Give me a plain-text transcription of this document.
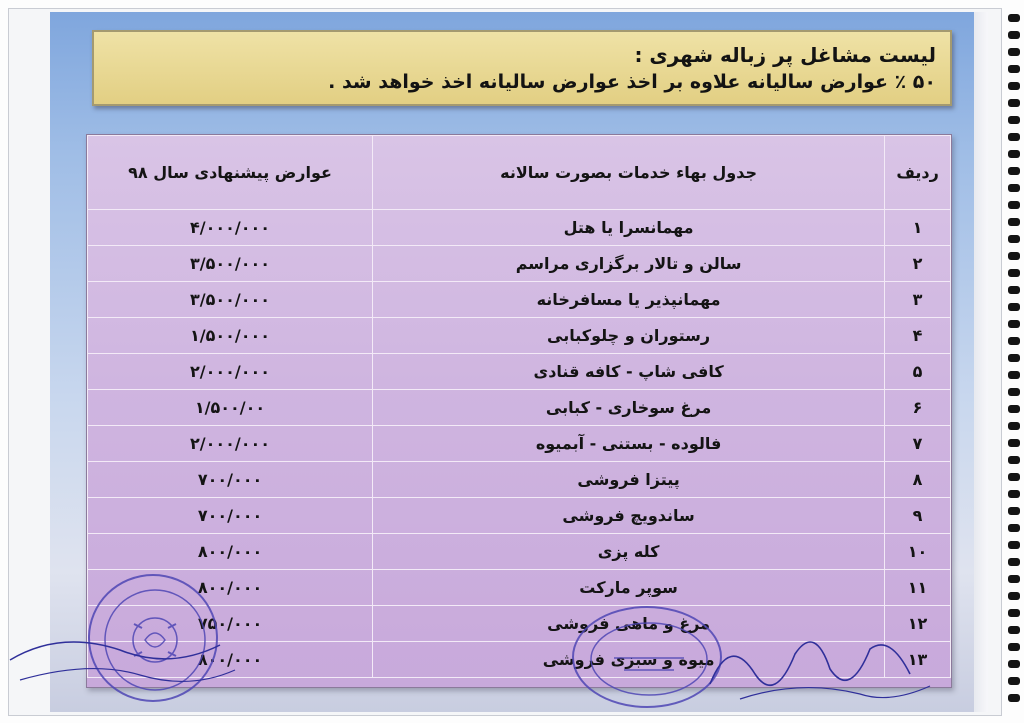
لیست مشاغل پر زباله شهری :
۵۰ ٪ عوارض سالیانه علاوه بر اخذ عوارض سالیانه اخذ خواهد شد .
ردیف	جدول بهاء خدمات بصورت سالانه	عوارض پیشنهادی سال ۹۸
۱	مهمانسرا یا هتل	۴/۰۰۰/۰۰۰
۲	سالن و تالار برگزاری مراسم	۳/۵۰۰/۰۰۰
۳	مهمانپذیر یا مسافرخانه	۳/۵۰۰/۰۰۰
۴	رستوران و چلوکبابی	۱/۵۰۰/۰۰۰
۵	کافی شاپ - کافه قنادی	۲/۰۰۰/۰۰۰
۶	مرغ سوخاری - کبابی	۱/۵۰۰/۰۰
۷	فالوده - بستنی - آبمیوه	۲/۰۰۰/۰۰۰
۸	پیتزا فروشی	۷۰۰/۰۰۰
۹	ساندویچ فروشی	۷۰۰/۰۰۰
۱۰	کله پزی	۸۰۰/۰۰۰
۱۱	سوپر مارکت	۸۰۰/۰۰۰
۱۲	مرغ و ماهی فروشی	۷۵۰/۰۰۰
۱۳	میوه و سبزی فروشی	۸۰۰/۰۰۰
